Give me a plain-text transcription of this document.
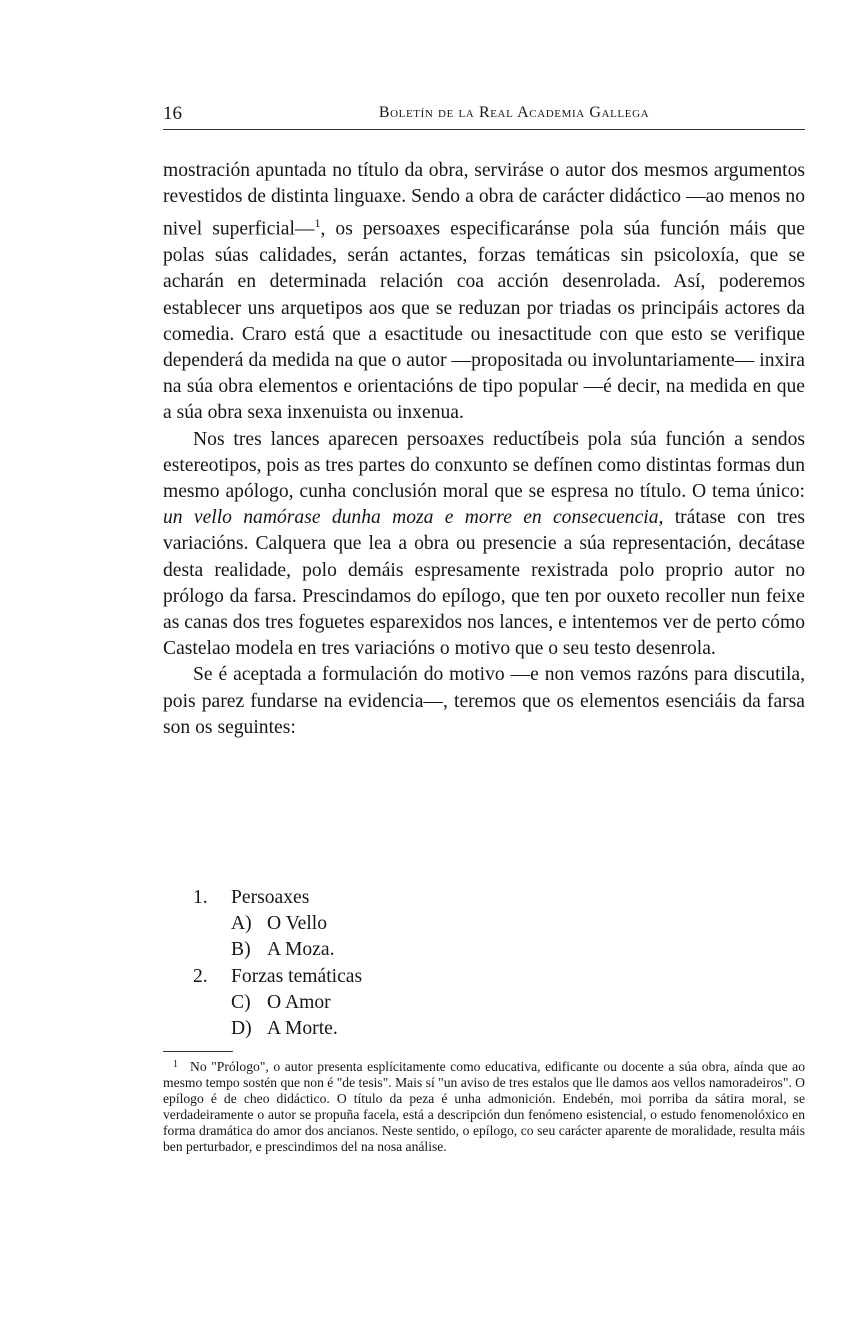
16	Boletín de la Real Academia Gallega

mostración apuntada no título da obra, serviráse o autor dos mesmos argumentos revestidos de distinta linguaxe. Sendo a obra de carácter didáctico —ao menos no nivel superficial—$^1$, os persoaxes especificaránse pola súa función máis que polas súas calidades, serán actantes, forzas temáticas sin psicoloxía, que se acharán en determinada relación coa acción desenrolada. Así, poderemos establecer uns arquetipos aos que se reduzan por triadas os principáis actores da comedia. Craro está que a esactitude ou inesactitude con que esto se verifique dependerá da medida na que o autor —propositada ou involuntariamente— inxira na súa obra elementos e orientacións de tipo popular —é decir, na medida en que a súa obra sexa inxenuista ou inxenua.

Nos tres lances aparecen persoaxes reductíbeis pola súa función a sendos estereotipos, pois as tres partes do conxunto se defínen como distintas formas dun mesmo apólogo, cunha conclusión moral que se espresa no título. O tema único: un vello namórase dunha moza e morre en consecuencia, trátase con tres variacións. Calquera que lea a obra ou presencie a súa representación, decátase desta realidade, polo demáis espresamente rexistrada polo proprio autor no prólogo da farsa. Prescindamos do epílogo, que ten por ouxeto recoller nun feixe as canas dos tres foguetes esparexidos nos lances, e intentemos ver de perto cómo Castelao modela en tres variacións o motivo que o seu testo desenrola.

Se é aceptada a formulación do motivo —e non vemos razóns para discutila, pois parez fundarse na evidencia—, teremos que os elementos esenciáis da farsa son os seguintes:

1.	Persoaxes
A) O Vello
B) A Moza.
2.	Forzas temáticas
C) O Amor
D) A Morte.
$^1$ No "Prólogo", o autor presenta esplícitamente como educativa, edificante ou docente a súa obra, aínda que ao mesmo tempo sostén que non é "de tesis". Mais sí "un aviso de tres estalos que lle damos aos vellos namoradeiros". O epílogo é de cheo didáctico. O título da peza é unha admonición. Endebén, moi porriba da sátira moral, se verdadeiramente o autor se propuña facela, está a descripción dun fenómeno esistencial, o estudo fenomenolóxico en forma dramática do amor dos ancianos. Neste sentido, o epílogo, co seu carácter aparente de moralidade, resulta máis ben perturbador, e prescindimos del na nosa análise.
